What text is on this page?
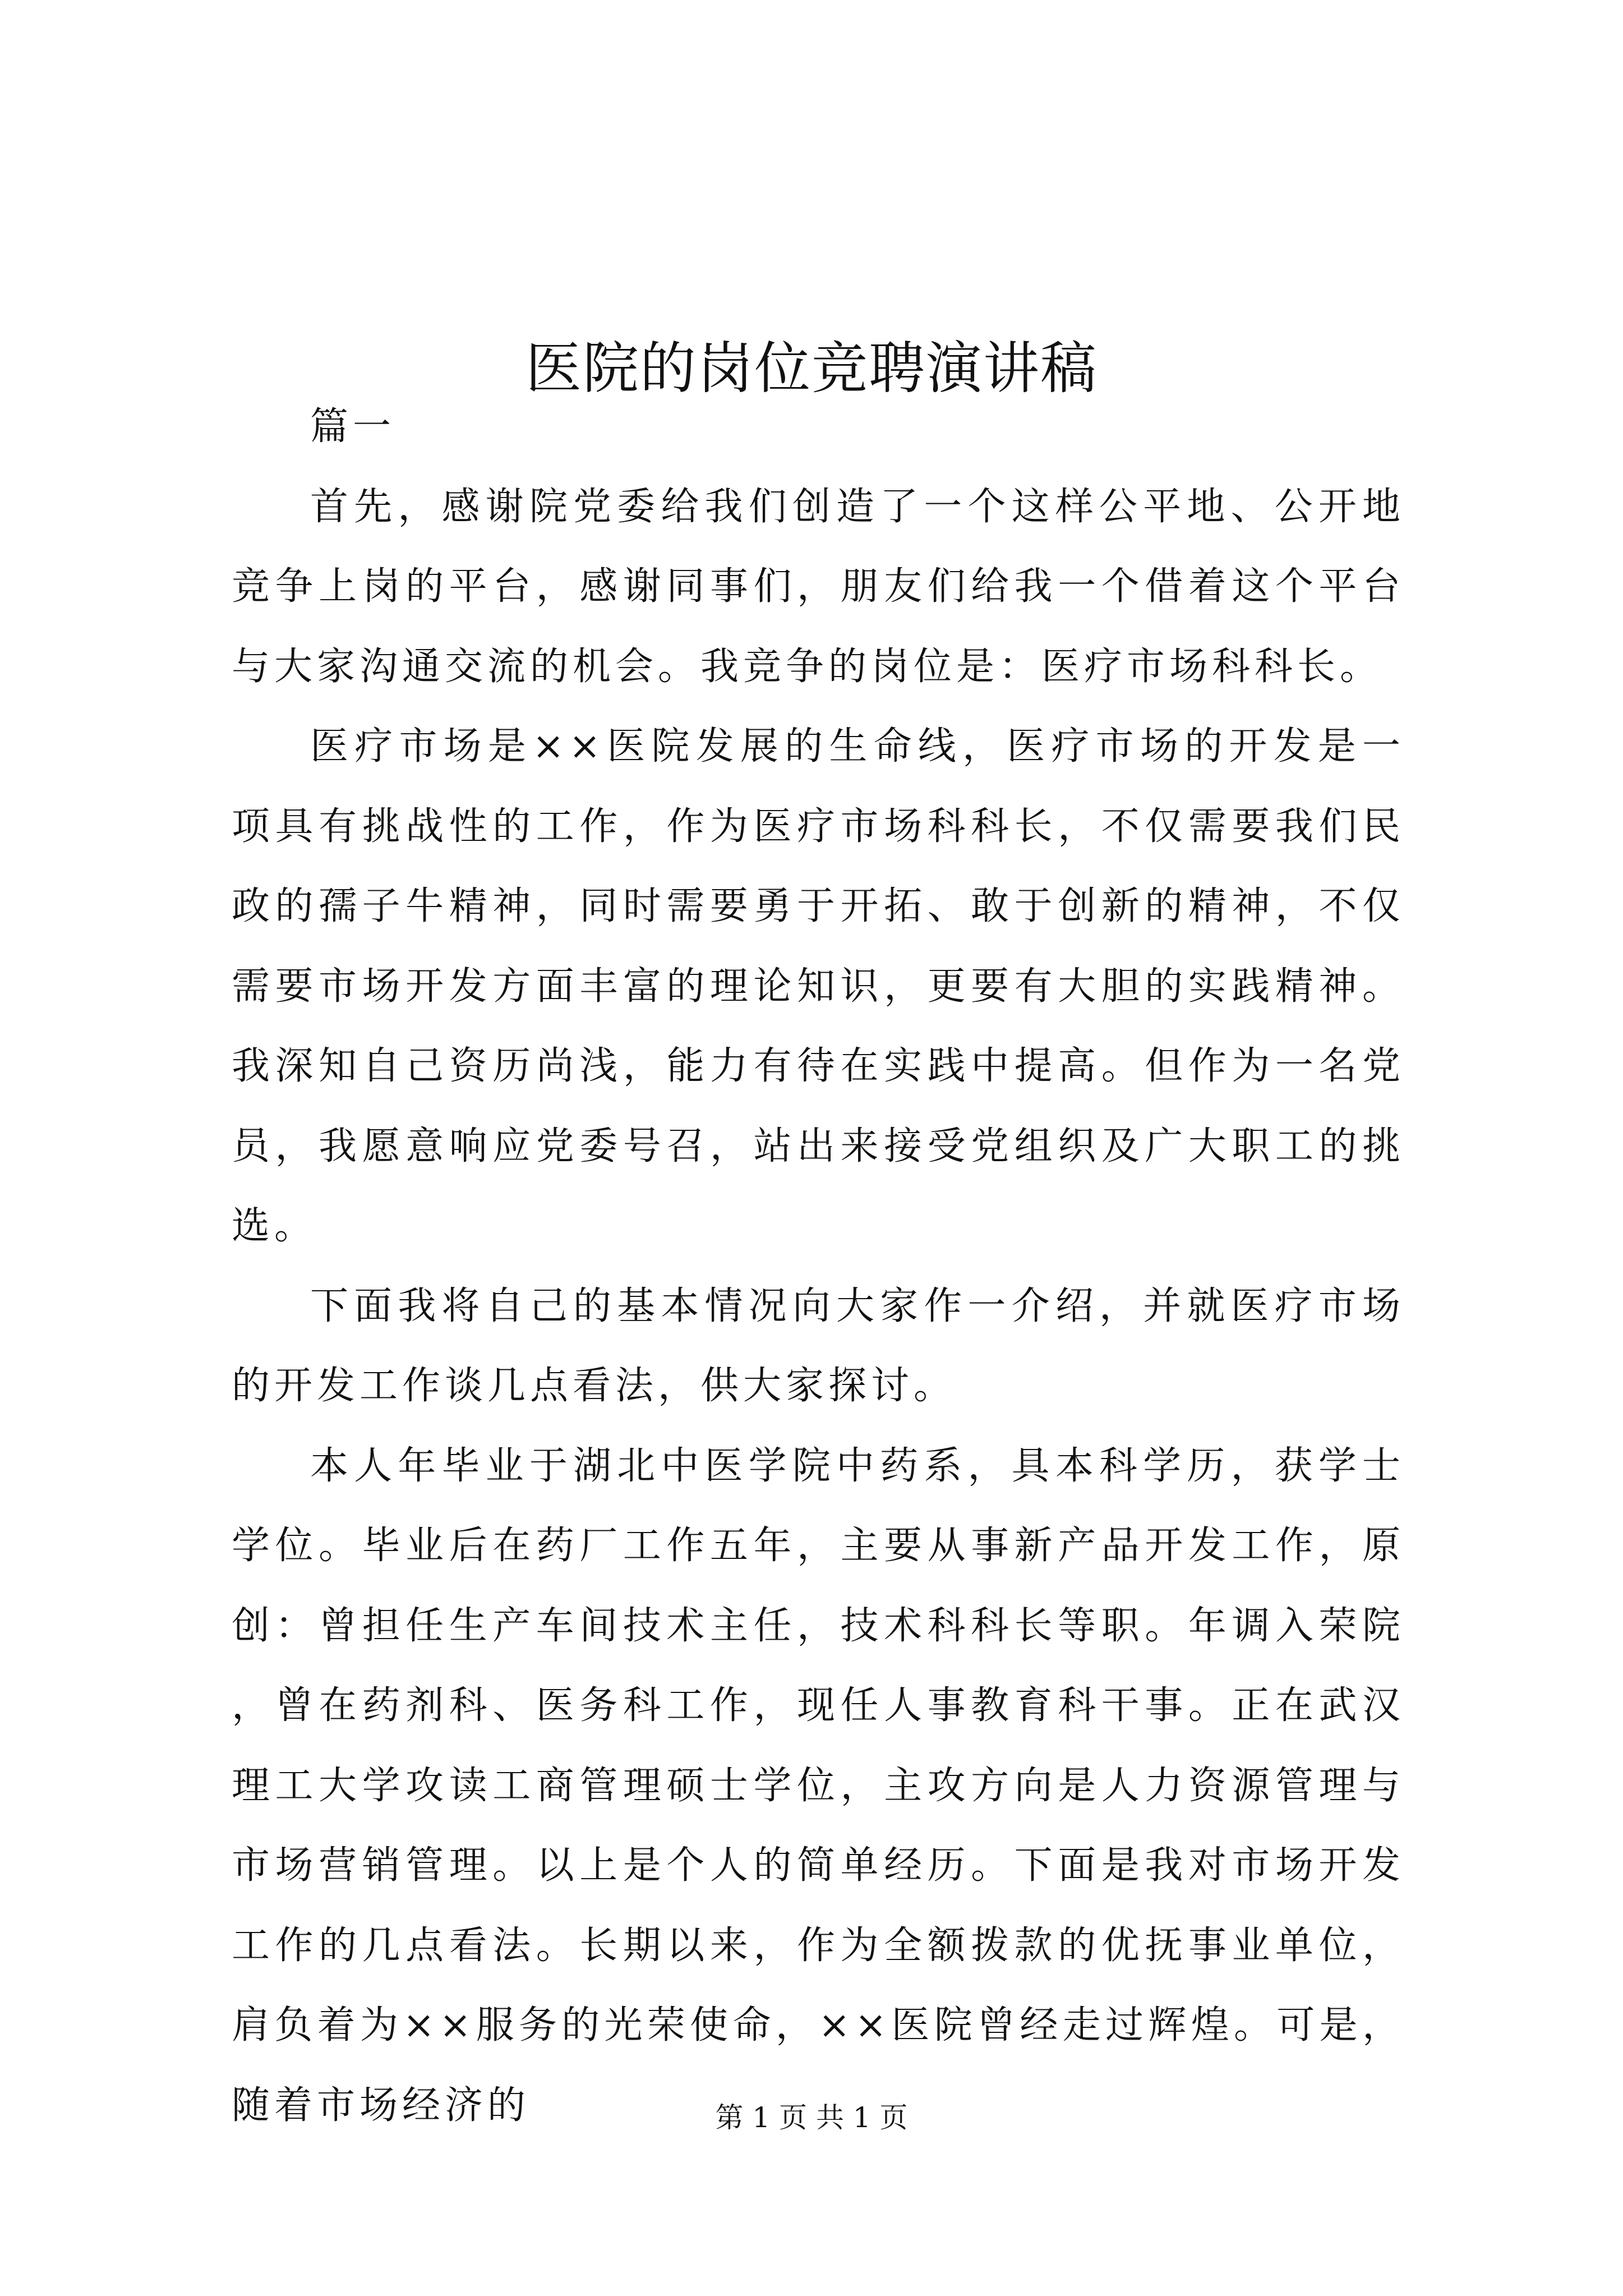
医院的岗位竞聘演讲稿

篇一

首先，感谢院党委给我们创造了一个这样公平地、公开地竞争上岗的平台，感谢同事们，朋友们给我一个借着这个平台与大家沟通交流的机会。我竞争的岗位是：医疗市场科科长。

医疗市场是××医院发展的生命线，医疗市场的开发是一项具有挑战性的工作，作为医疗市场科科长，不仅需要我们民政的孺子牛精神，同时需要勇于开拓、敢于创新的精神，不仅需要市场开发方面丰富的理论知识，更要有大胆的实践精神。我深知自己资历尚浅，能力有待在实践中提高。但作为一名党员，我愿意响应党委号召，站出来接受党组织及广大职工的挑选。

下面我将自己的基本情况向大家作一介绍，并就医疗市场的开发工作谈几点看法，供大家探讨。

本人年毕业于湖北中医学院中药系，具本科学历，获学士学位。毕业后在药厂工作五年，主要从事新产品开发工作，原创：曾担任生产车间技术主任，技术科科长等职。年调入荣院，曾在药剂科、医务科工作，现任人事教育科干事。正在武汉理工大学攻读工商管理硕士学位，主攻方向是人力资源管理与市场营销管理。以上是个人的简单经历。下面是我对市场开发工作的几点看法。长期以来，作为全额拨款的优抚事业单位，肩负着为××服务的光荣使命，××医院曾经走过辉煌。可是，随着市场经济的	第 1 页 共 1 页
